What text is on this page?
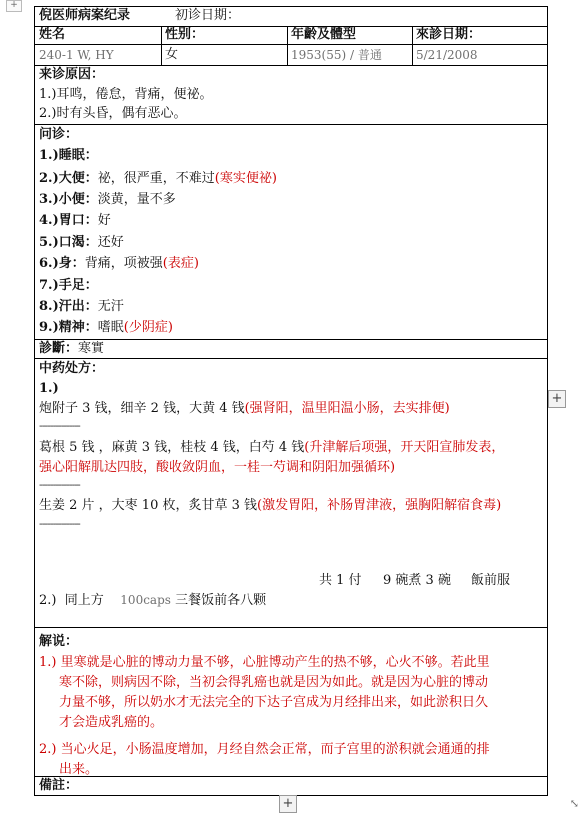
+
倪医师病案纪录	初诊日期：
姓名	性别：	年齡及體型	來診日期：
240-1 W, HY	女	1953(55) / 普通	5/21/2008
来诊原因：
1.)耳鸣，倦怠，背痛，便祕。
2.)时有头昏，偶有恶心。
问诊：
1.)睡眠：
2.)大便：祕，很严重，不难过(寒实便祕)
3.)小便：淡黄，量不多
4.)胃口：好
5.)口渴：还好
6.)身：背痛，项被强(表症)
7.)手足：
8.)汗出：无汗
9.)精神：嗜眠(少阴症)
診斷：寒實
中药处方：
1.)
炮附子 3 钱，细辛 2 钱，大黄 4 钱(强肾阳，温里阳温小肠，去实排便)
---------------
葛根 5 钱 ，麻黄 3 钱，桂枝 4 钱，白芍 4 钱(升津解后项强，开天阳宣肺发表，
强心阳解肌达四肢，酸收敛阴血，一桂一芍调和阴阳加强循环)
---------------
生姜 2 片 ，大枣 10 枚，炙甘草 3 钱(激发胃阳，补肠胃津液，强胸阳解宿食毒)
---------------
共 1 付 9 碗煮 3 碗 飯前服
2.) 同上方 100caps 三餐饭前各八颗
解说：
1.) 里寒就是心脏的博动力量不够，心脏博动产生的热不够，心火不够。若此里
寒不除，则病因不除，当初会得乳癌也就是因为如此。就是因为心脏的博动
力量不够，所以奶水才无法完全的下达子宫成为月经排出来，如此淤积日久
才会造成乳癌的。
2.) 当心火足，小肠温度增加，月经自然会正常，而子宫里的淤积就会通通的排
出来。
備註：
+
+	⤡
